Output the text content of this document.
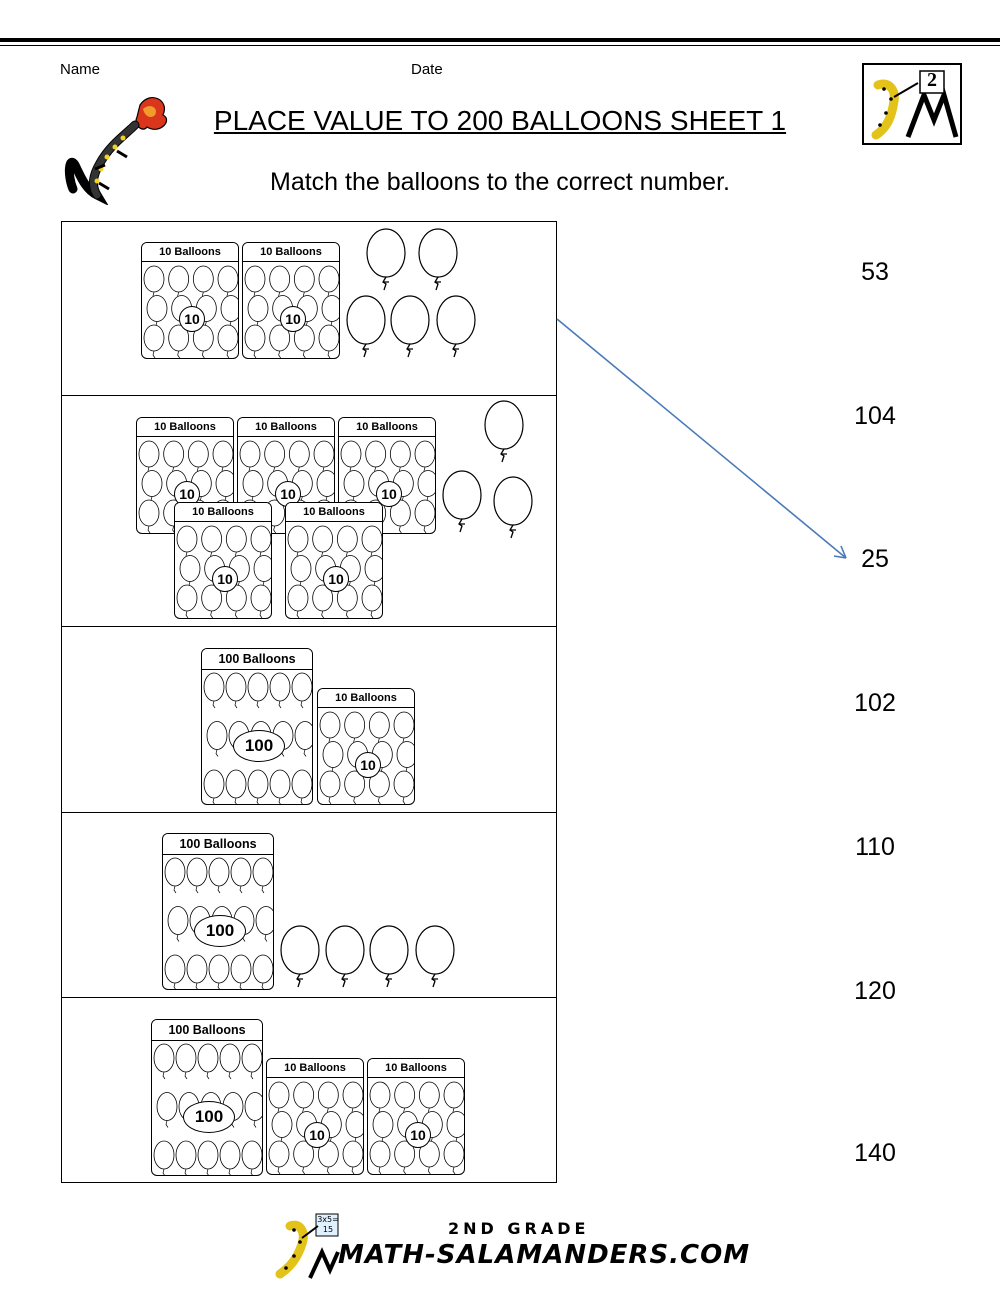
Name	Date
PLACE VALUE TO 200 BALLOONS SHEET 1
Match the balloons to the correct number.
2
10 Balloons
10
10 Balloons
10
10 Balloons
10
10 Balloons
10
10 Balloons
10
10 Balloons
10
10 Balloons
10
100 Balloons
100
10 Balloons
10
100 Balloons
100
100 Balloons
100
10 Balloons
10
10 Balloons
10
53
104
25
102
110
120
140
3x5= 15	2ND GRADE
MATH-SALAMANDERS.COM
